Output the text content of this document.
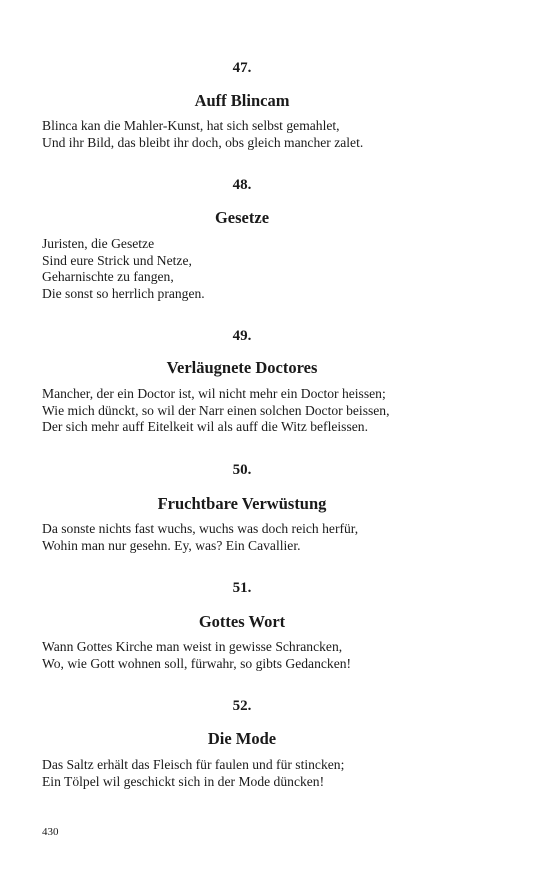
47.
Auff Blincam
Blinca kan die Mahler-Kunst, hat sich selbst gemahlet,
Und ihr Bild, das bleibt ihr doch, obs gleich mancher zalet.
48.
Gesetze
Juristen, die Gesetze
Sind eure Strick und Netze,
Geharnischte zu fangen,
Die sonst so herrlich prangen.
49.
Verläugnete Doctores
Mancher, der ein Doctor ist, wil nicht mehr ein Doctor heissen;
Wie mich dünckt, so wil der Narr einen solchen Doctor beissen,
Der sich mehr auff Eitelkeit wil als auff die Witz befleissen.
50.
Fruchtbare Verwüstung
Da sonste nichts fast wuchs, wuchs was doch reich herfür,
Wohin man nur gesehn. Ey, was? Ein Cavallier.
51.
Gottes Wort
Wann Gottes Kirche man weist in gewisse Schrancken,
Wo, wie Gott wohnen soll, fürwahr, so gibts Gedancken!
52.
Die Mode
Das Saltz erhält das Fleisch für faulen und für stincken;
Ein Tölpel wil geschickt sich in der Mode düncken!
430
